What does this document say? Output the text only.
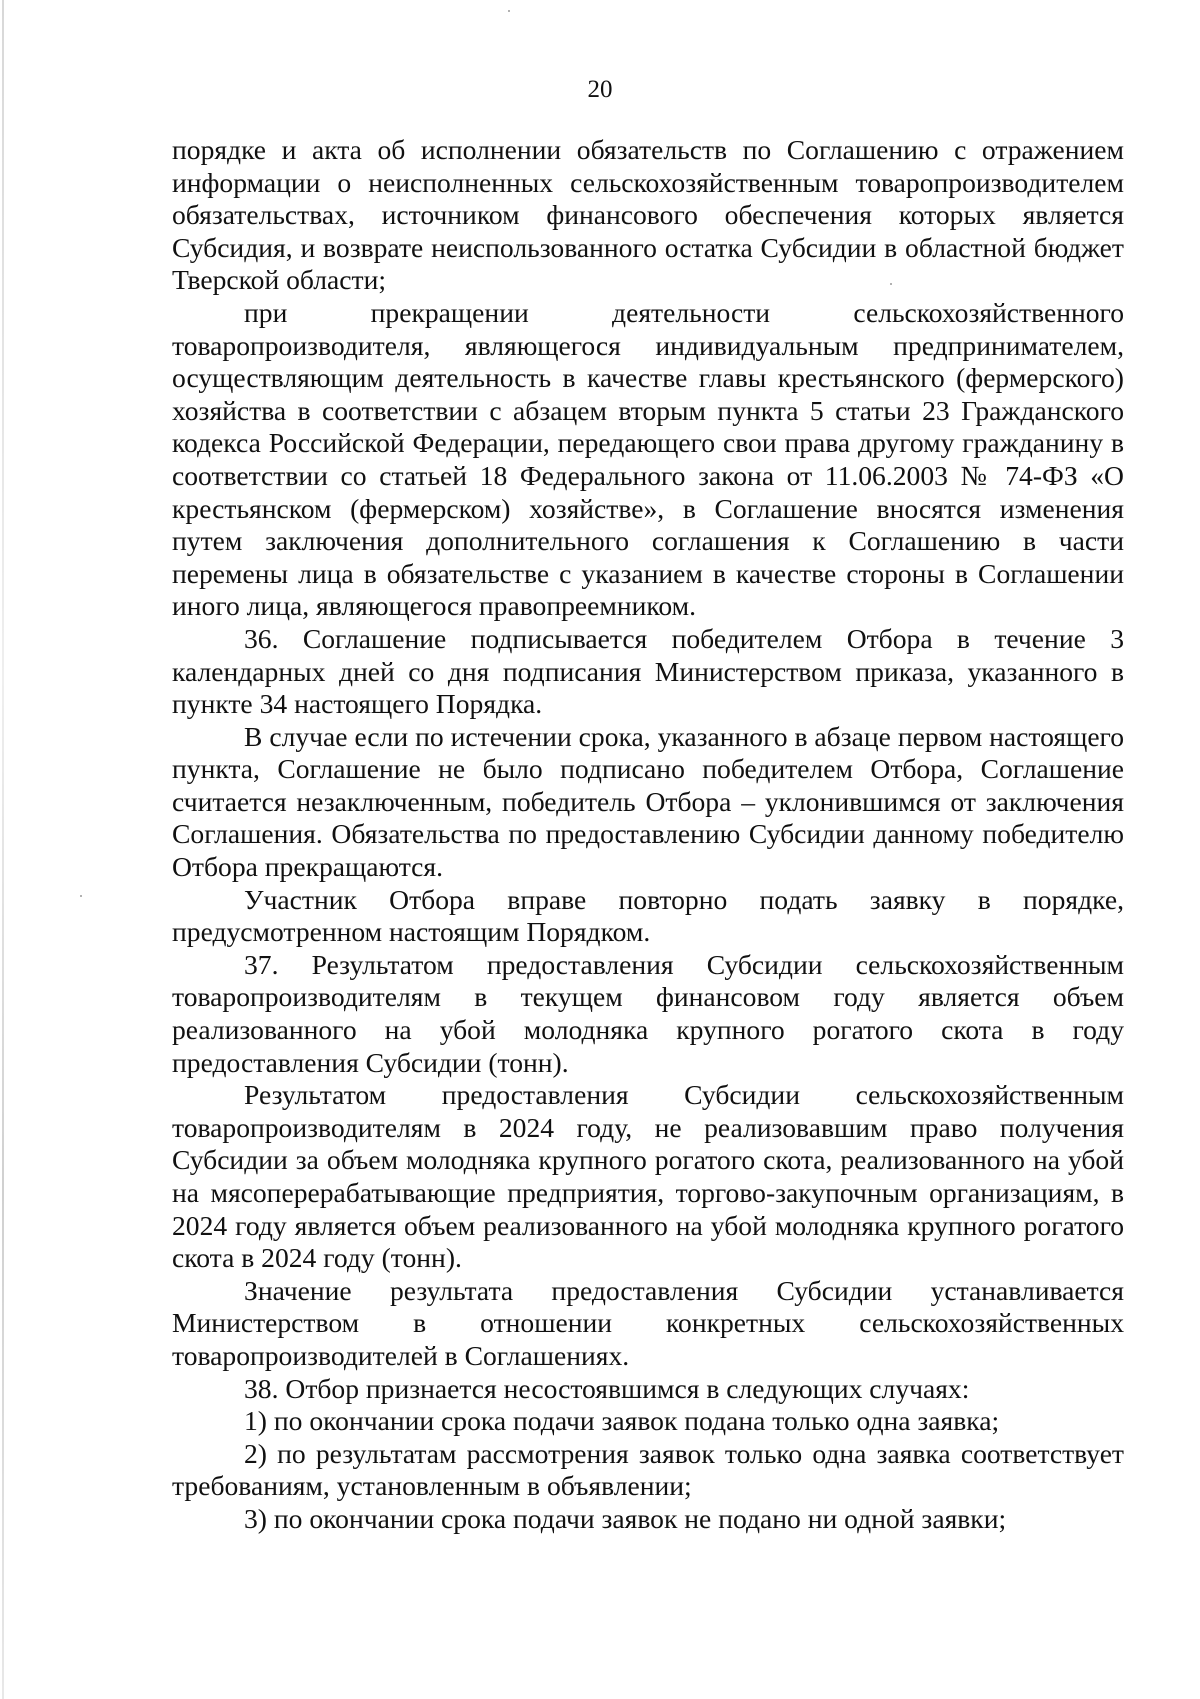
20

порядке и акта об исполнении обязательств по Соглашению с отражением информации о неисполненных сельскохозяйственным товаропроизводителем обязательствах, источником финансового обеспечения которых является Субсидия, и возврате неиспользованного остатка Субсидии в областной бюджет Тверской области;

при прекращении деятельности сельскохозяйственного товаропроизводителя, являющегося индивидуальным предпринимателем, осуществляющим деятельность в качестве главы крестьянского (фермерского) хозяйства в соответствии с абзацем вторым пункта 5 статьи 23 Гражданского кодекса Российской Федерации, передающего свои права другому гражданину в соответствии со статьей 18 Федерального закона от 11.06.2003 № 74-ФЗ «О крестьянском (фермерском) хозяйстве», в Соглашение вносятся изменения путем заключения дополнительного соглашения к Соглашению в части перемены лица в обязательстве с указанием в качестве стороны в Соглашении иного лица, являющегося правопреемником.

36. Соглашение подписывается победителем Отбора в течение 3 календарных дней со дня подписания Министерством приказа, указанного в пункте 34 настоящего Порядка.

В случае если по истечении срока, указанного в абзаце первом настоящего пункта, Соглашение не было подписано победителем Отбора, Соглашение считается незаключенным, победитель Отбора – уклонившимся от заключения Соглашения. Обязательства по предоставлению Субсидии данному победителю Отбора прекращаются.

Участник Отбора вправе повторно подать заявку в порядке, предусмотренном настоящим Порядком.

37. Результатом предоставления Субсидии сельскохозяйственным товаропроизводителям в текущем финансовом году является объем реализованного на убой молодняка крупного рогатого скота в году предоставления Субсидии (тонн).

Результатом предоставления Субсидии сельскохозяйственным товаропроизводителям в 2024 году, не реализовавшим право получения Субсидии за объем молодняка крупного рогатого скота, реализованного на убой на мясоперерабатывающие предприятия, торгово-закупочным организациям, в 2024 году является объем реализованного на убой молодняка крупного рогатого скота в 2024 году (тонн).

Значение результата предоставления Субсидии устанавливается Министерством в отношении конкретных сельскохозяйственных товаропроизводителей в Соглашениях.

38. Отбор признается несостоявшимся в следующих случаях:

1) по окончании срока подачи заявок подана только одна заявка;

2) по результатам рассмотрения заявок только одна заявка соответствует требованиям, установленным в объявлении;

3) по окончании срока подачи заявок не подано ни одной заявки;
